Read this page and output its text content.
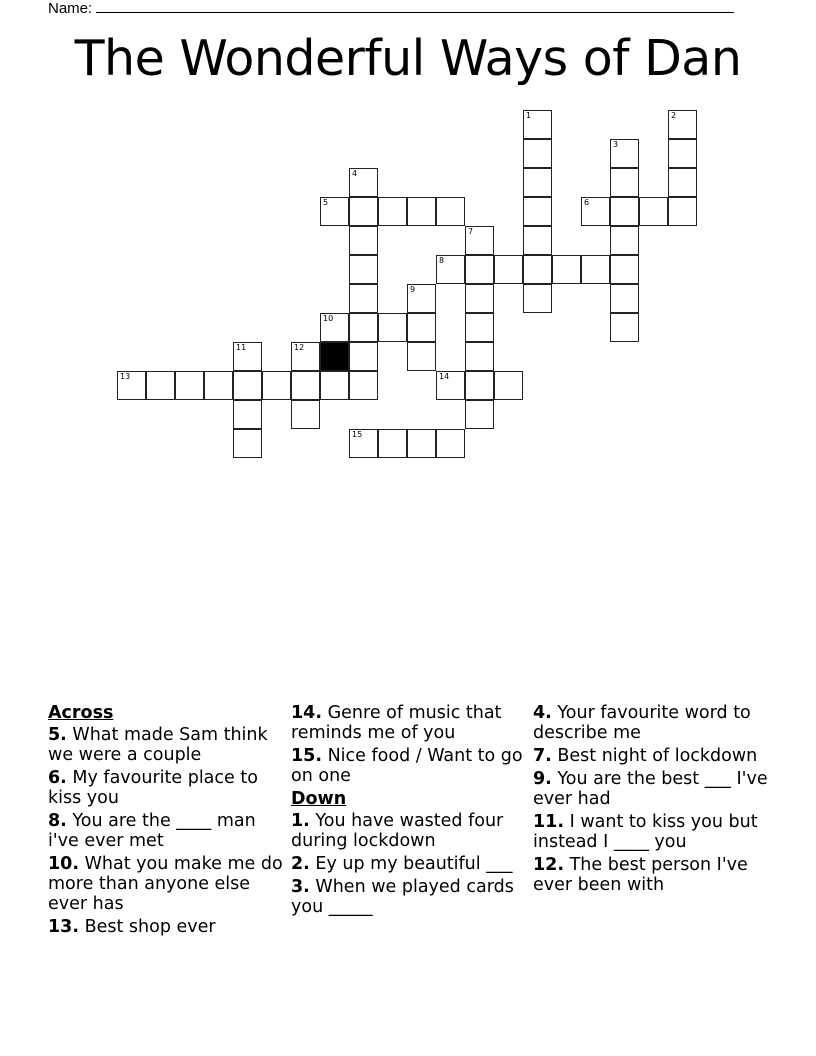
Name:
The Wonderful Ways of Dan
1	2
3
4
5	6
7
8
9
10
11	12
13	14
15
Across
5. What made Sam think we were a couple
6. My favourite place to kiss you
8. You are the ____ man i've ever met
10. What you make me do more than anyone else ever has
13. Best shop ever
14. Genre of music that reminds me of you
15. Nice food / Want to go on one
Down
1. You have wasted four during lockdown
2. Ey up my beautiful ___
3. When we played cards you _____
4. Your favourite word to describe me
7. Best night of lockdown
9. You are the best ___ I've ever had
11. I want to kiss you but instead I ____ you
12. The best person I've ever been with
